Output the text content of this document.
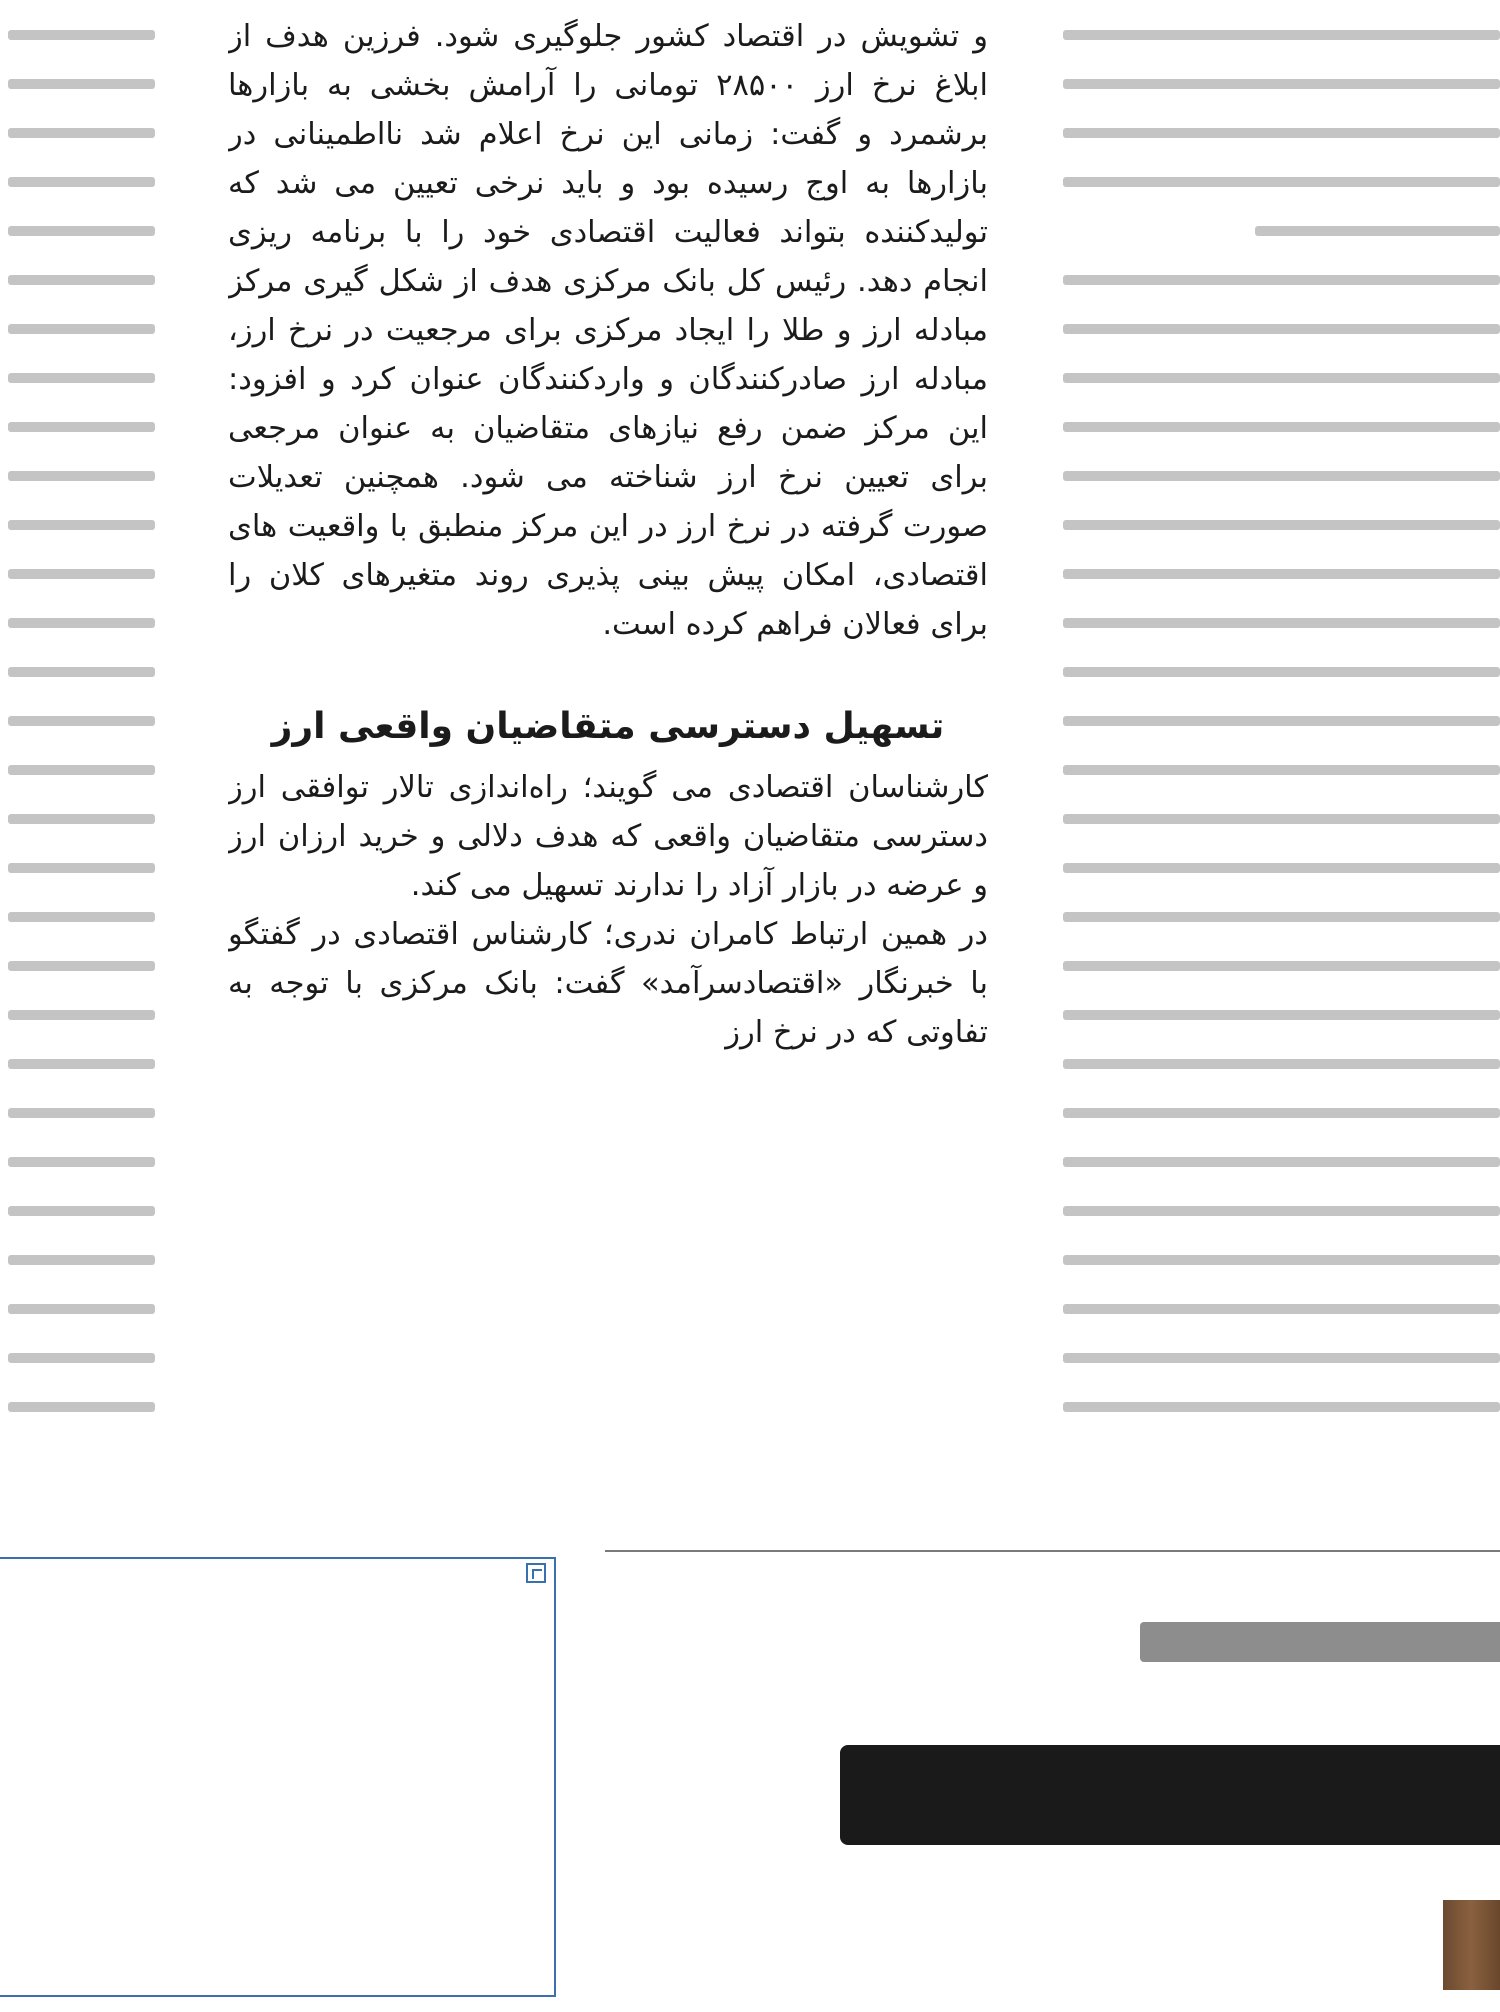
و تشویش در اقتصاد کشور جلوگیری شود. فرزین هدف از ابلاغ نرخ ارز ۲۸۵۰۰ تومانی را آرامش بخشی به بازارها برشمرد و گفت: زمانی این نرخ اعلام شد نااطمینانی در بازارها به اوج رسیده بود و باید نرخی تعیین می شد که تولیدکننده بتواند فعالیت اقتصادی خود را با برنامه ریزی انجام دهد. رئیس کل بانک مرکزی هدف از شکل گیری مرکز مبادله ارز و طلا را ایجاد مرکزی برای مرجعیت در نرخ ارز، مبادله ارز صادرکنندگان و واردکنندگان عنوان کرد و افزود: این مرکز ضمن رفع نیازهای متقاضیان به عنوان مرجعی برای تعیین نرخ ارز شناخته می شود. همچنین تعدیلات صورت گرفته در نرخ ارز در این مرکز منطبق با واقعیت های اقتصادی، امکان پیش بینی پذیری روند متغیرهای کلان را برای فعالان فراهم کرده است.

تسهیل دسترسی متقاضیان واقعی ارز

کارشناسان اقتصادی می گویند؛ راه‌اندازی تالار توافقی ارز دسترسی متقاضیان واقعی که هدف دلالی و خرید ارزان ارز و عرضه در بازار آزاد را ندارند تسهیل می کند.

در همین ارتباط کامران ندری؛ کارشناس اقتصادی در گفتگو با خبرنگار «اقتصادسرآمد» گفت: بانک مرکزی با توجه به تفاوتی که در نرخ ارز
